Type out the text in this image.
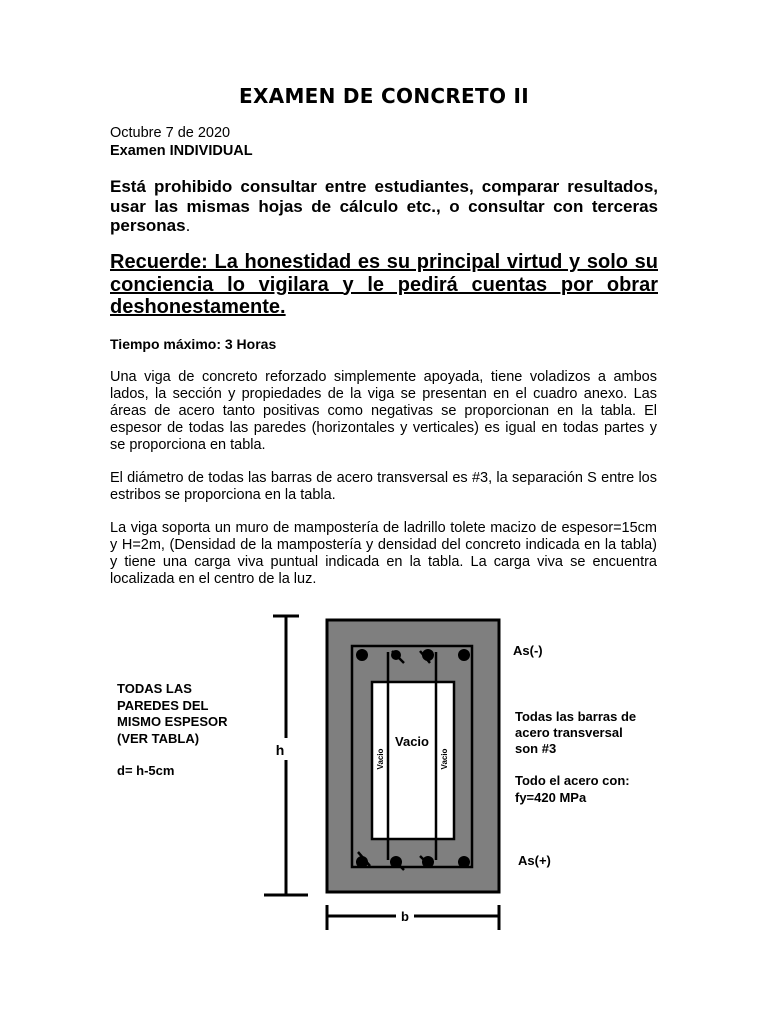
EXAMEN DE CONCRETO II
Octubre 7 de 2020
Examen INDIVIDUAL
Está prohibido consultar entre estudiantes, comparar resultados, usar las mismas hojas de cálculo etc., o consultar con terceras personas.
Recuerde: La honestidad es su principal virtud y solo su conciencia lo vigilara y le pedirá cuentas por obrar deshonestamente.
Tiempo máximo: 3 Horas
Una viga de concreto reforzado simplemente apoyada, tiene voladizos a ambos lados, la sección y propiedades de la viga se presentan en el cuadro anexo. Las áreas de acero tanto positivas como negativas se proporcionan en la tabla. El espesor de todas las paredes (horizontales y verticales) es igual en todas partes y se proporciona en tabla.
El diámetro de todas las barras de acero transversal es #3, la separación S entre los estribos se proporciona en la tabla.
La viga soporta un muro de mampostería de ladrillo tolete macizo de espesor=15cm y H=2m, (Densidad de la mampostería y densidad del concreto indicada en la tabla) y tiene una carga viva puntual indicada en la tabla. La carga viva se encuentra localizada en el centro de la luz.
h
Vacio
Vacio	Vacio
b
TODAS LAS
PAREDES DEL
MISMO ESPESOR
(VER TABLA)
d= h-5cm
As(-)
Todas las barras de
acero transversal
son #3
Todo el acero con:
fy=420 MPa
As(+)
